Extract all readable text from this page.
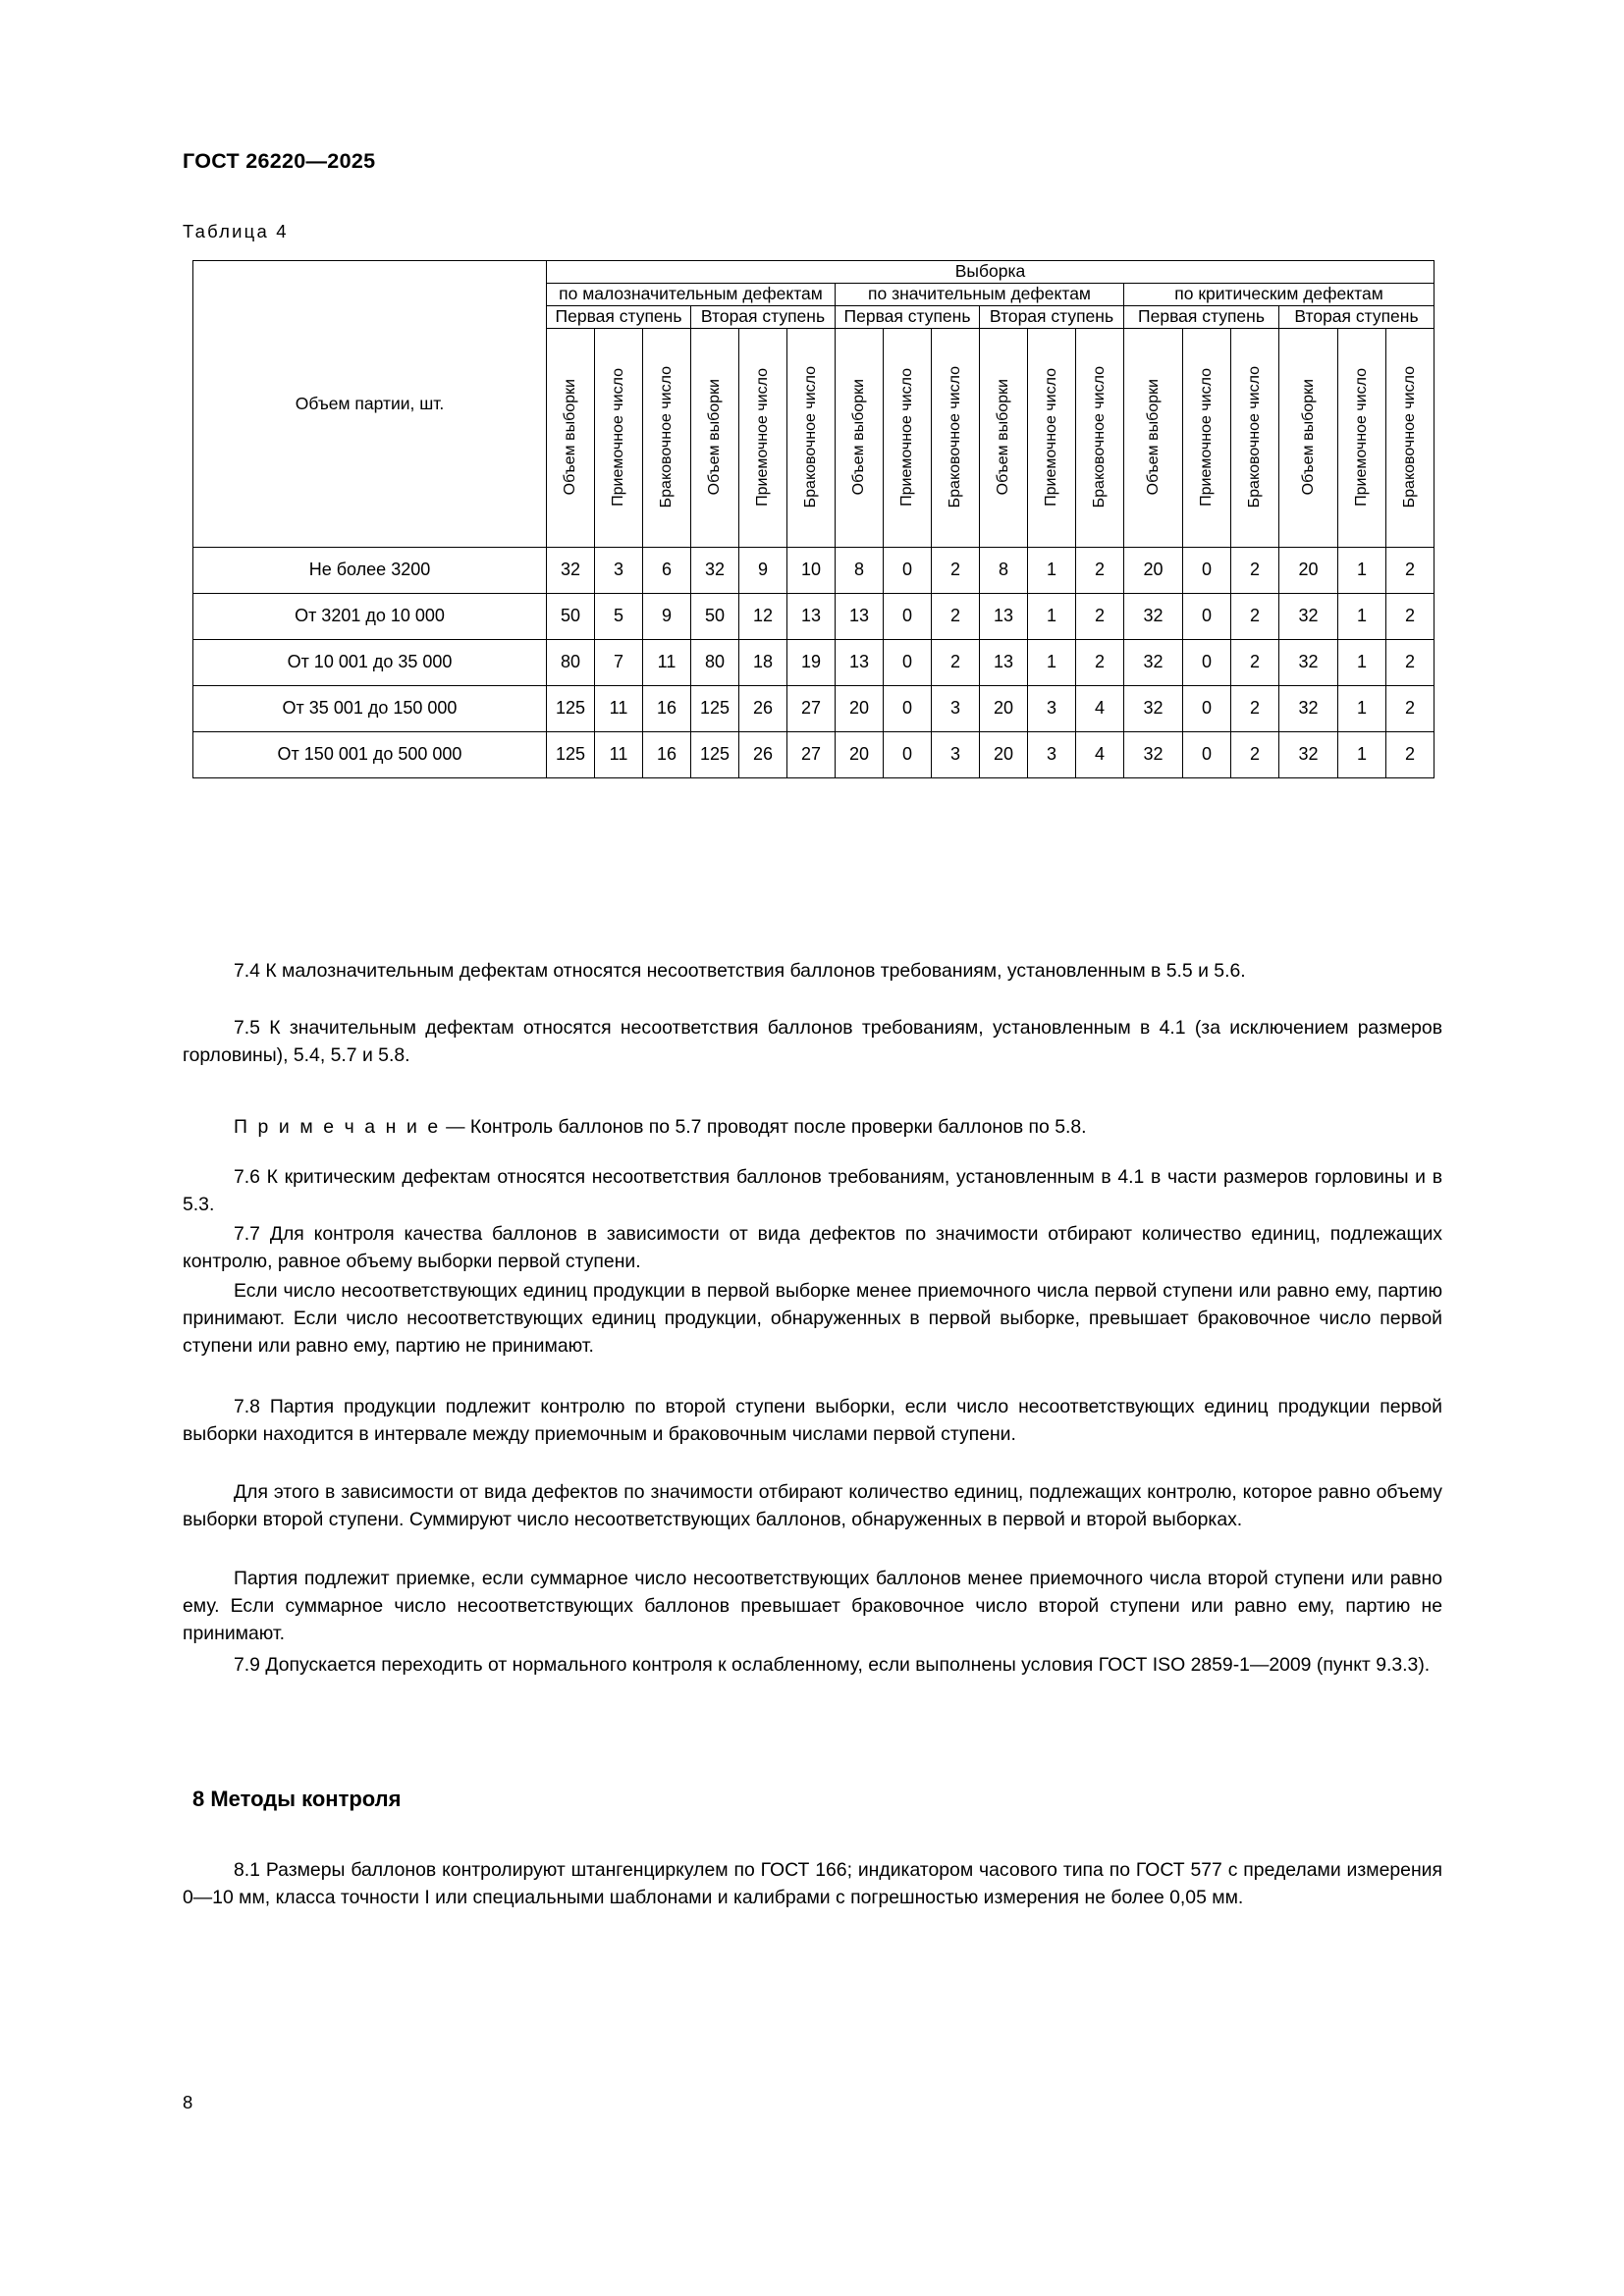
ГОСТ 26220—2025
Таблица 4
Объем партии, шт.	Выборка																	
	по малозначительным дефектам						по значительным дефектам						по критическим дефектам					
	Первая ступень			Вторая ступень			Первая ступень			Вторая ступень			Первая ступень			Вторая ступень		

	Объем выборки	Приемочное число	Браковочное число	Объем выборки	Приемочное число	Браковочное число	Объем выборки	Приемочное число	Браковочное число	Объем выборки	Приемочное число	Браковочное число	Объем выборки	Приемочное число	Браковочное число	Объем выборки	Приемочное число	Браковочное число

Не более 3200	32	3	6	32	9	10	8	0	2	8	1	2	20	0	2	20	1	2
От 3201 до 10 000	50	5	9	50	12	13	13	0	2	13	1	2	32	0	2	32	1	2
От 10 001 до 35 000	80	7	11	80	18	19	13	0	2	13	1	2	32	0	2	32	1	2
От 35 001 до 150 000	125	11	16	125	26	27	20	0	3	20	3	4	32	0	2	32	1	2
От 150 001 до 500 000	125	11	16	125	26	27	20	0	3	20	3	4	32	0	2	32	1	2

7.4 К малозначительным дефектам относятся несоответствия баллонов требованиям, установленным в 5.5 и 5.6.

7.5 К значительным дефектам относятся несоответствия баллонов требованиям, установленным в 4.1 (за исключением размеров горловины), 5.4, 5.7 и 5.8.

П р и м е ч а н и е — Контроль баллонов по 5.7 проводят после проверки баллонов по 5.8.

7.6 К критическим дефектам относятся несоответствия баллонов требованиям, установленным в 4.1 в части размеров горловины и в 5.3.

7.7 Для контроля качества баллонов в зависимости от вида дефектов по значимости отбирают количество единиц, подлежащих контролю, равное объему выборки первой ступени.

Если число несоответствующих единиц продукции в первой выборке менее приемочного числа первой ступени или равно ему, партию принимают. Если число несоответствующих единиц продукции, обнаруженных в первой выборке, превышает браковочное число первой ступени или равно ему, партию не принимают.

7.8 Партия продукции подлежит контролю по второй ступени выборки, если число несоответствующих единиц продукции первой выборки находится в интервале между приемочным и браковочным числами первой ступени.

Для этого в зависимости от вида дефектов по значимости отбирают количество единиц, подлежащих контролю, которое равно объему выборки второй ступени. Суммируют число несоответствующих баллонов, обнаруженных в первой и второй выборках.

Партия подлежит приемке, если суммарное число несоответствующих баллонов менее приемочного числа второй ступени или равно ему. Если суммарное число несоответствующих баллонов превышает браковочное число второй ступени или равно ему, партию не принимают.

7.9 Допускается переходить от нормального контроля к ослабленному, если выполнены условия ГОСТ ISO 2859-1—2009 (пункт 9.3.3).

8 Методы контроля

8.1 Размеры баллонов контролируют штангенциркулем по ГОСТ 166; индикатором часового типа по ГОСТ 577 с пределами измерения 0—10 мм, класса точности I или специальными шаблонами и калибрами с погрешностью измерения не более 0,05 мм.

8
